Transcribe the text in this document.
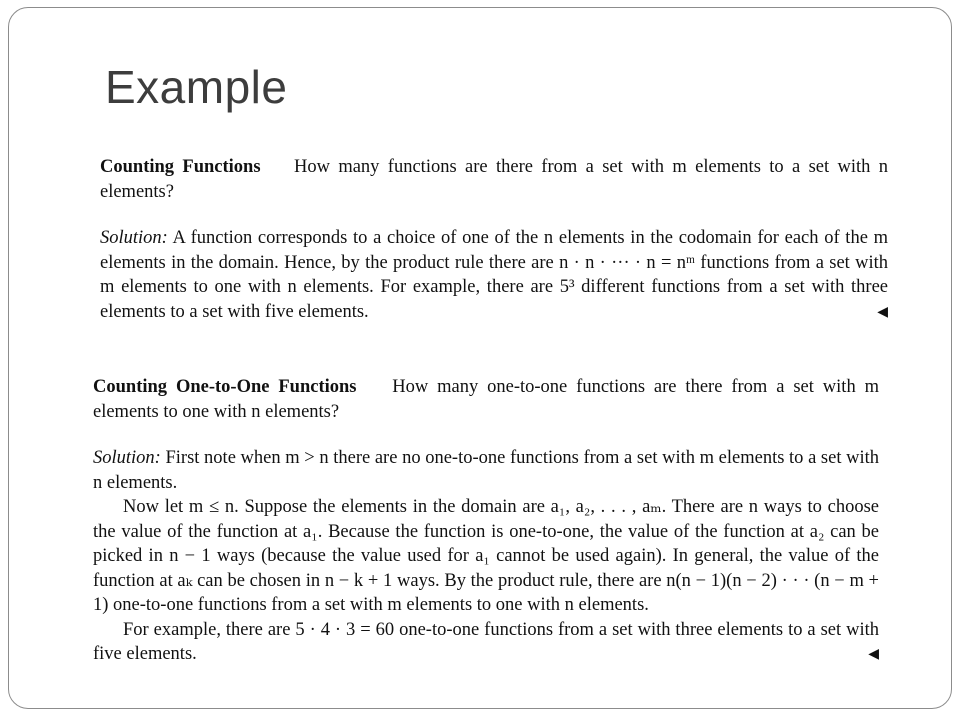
Example

Counting Functions How many functions are there from a set with m elements to a set with n elements?

Solution: A function corresponds to a choice of one of the n elements in the codomain for each of the m elements in the domain. Hence, by the product rule there are n · n · ··· · n = nᵐ functions from a set with m elements to one with n elements. For example, there are 5³ different functions from a set with three elements to a set with five elements.	◀

Counting One-to-One Functions How many one-to-one functions are there from a set with m elements to one with n elements?

Solution: First note when m > n there are no one-to-one functions from a set with m elements to a set with n elements.

Now let m ≤ n. Suppose the elements in the domain are a₁, a₂, . . . , aₘ. There are n ways to choose the value of the function at a₁. Because the function is one-to-one, the value of the function at a₂ can be picked in n − 1 ways (because the value used for a₁ cannot be used again). In general, the value of the function at aₖ can be chosen in n − k + 1 ways. By the product rule, there are n(n − 1)(n − 2) · · · (n − m + 1) one-to-one functions from a set with m elements to one with n elements.

For example, there are 5 · 4 · 3 = 60 one-to-one functions from a set with three elements to a set with five elements.	◀
